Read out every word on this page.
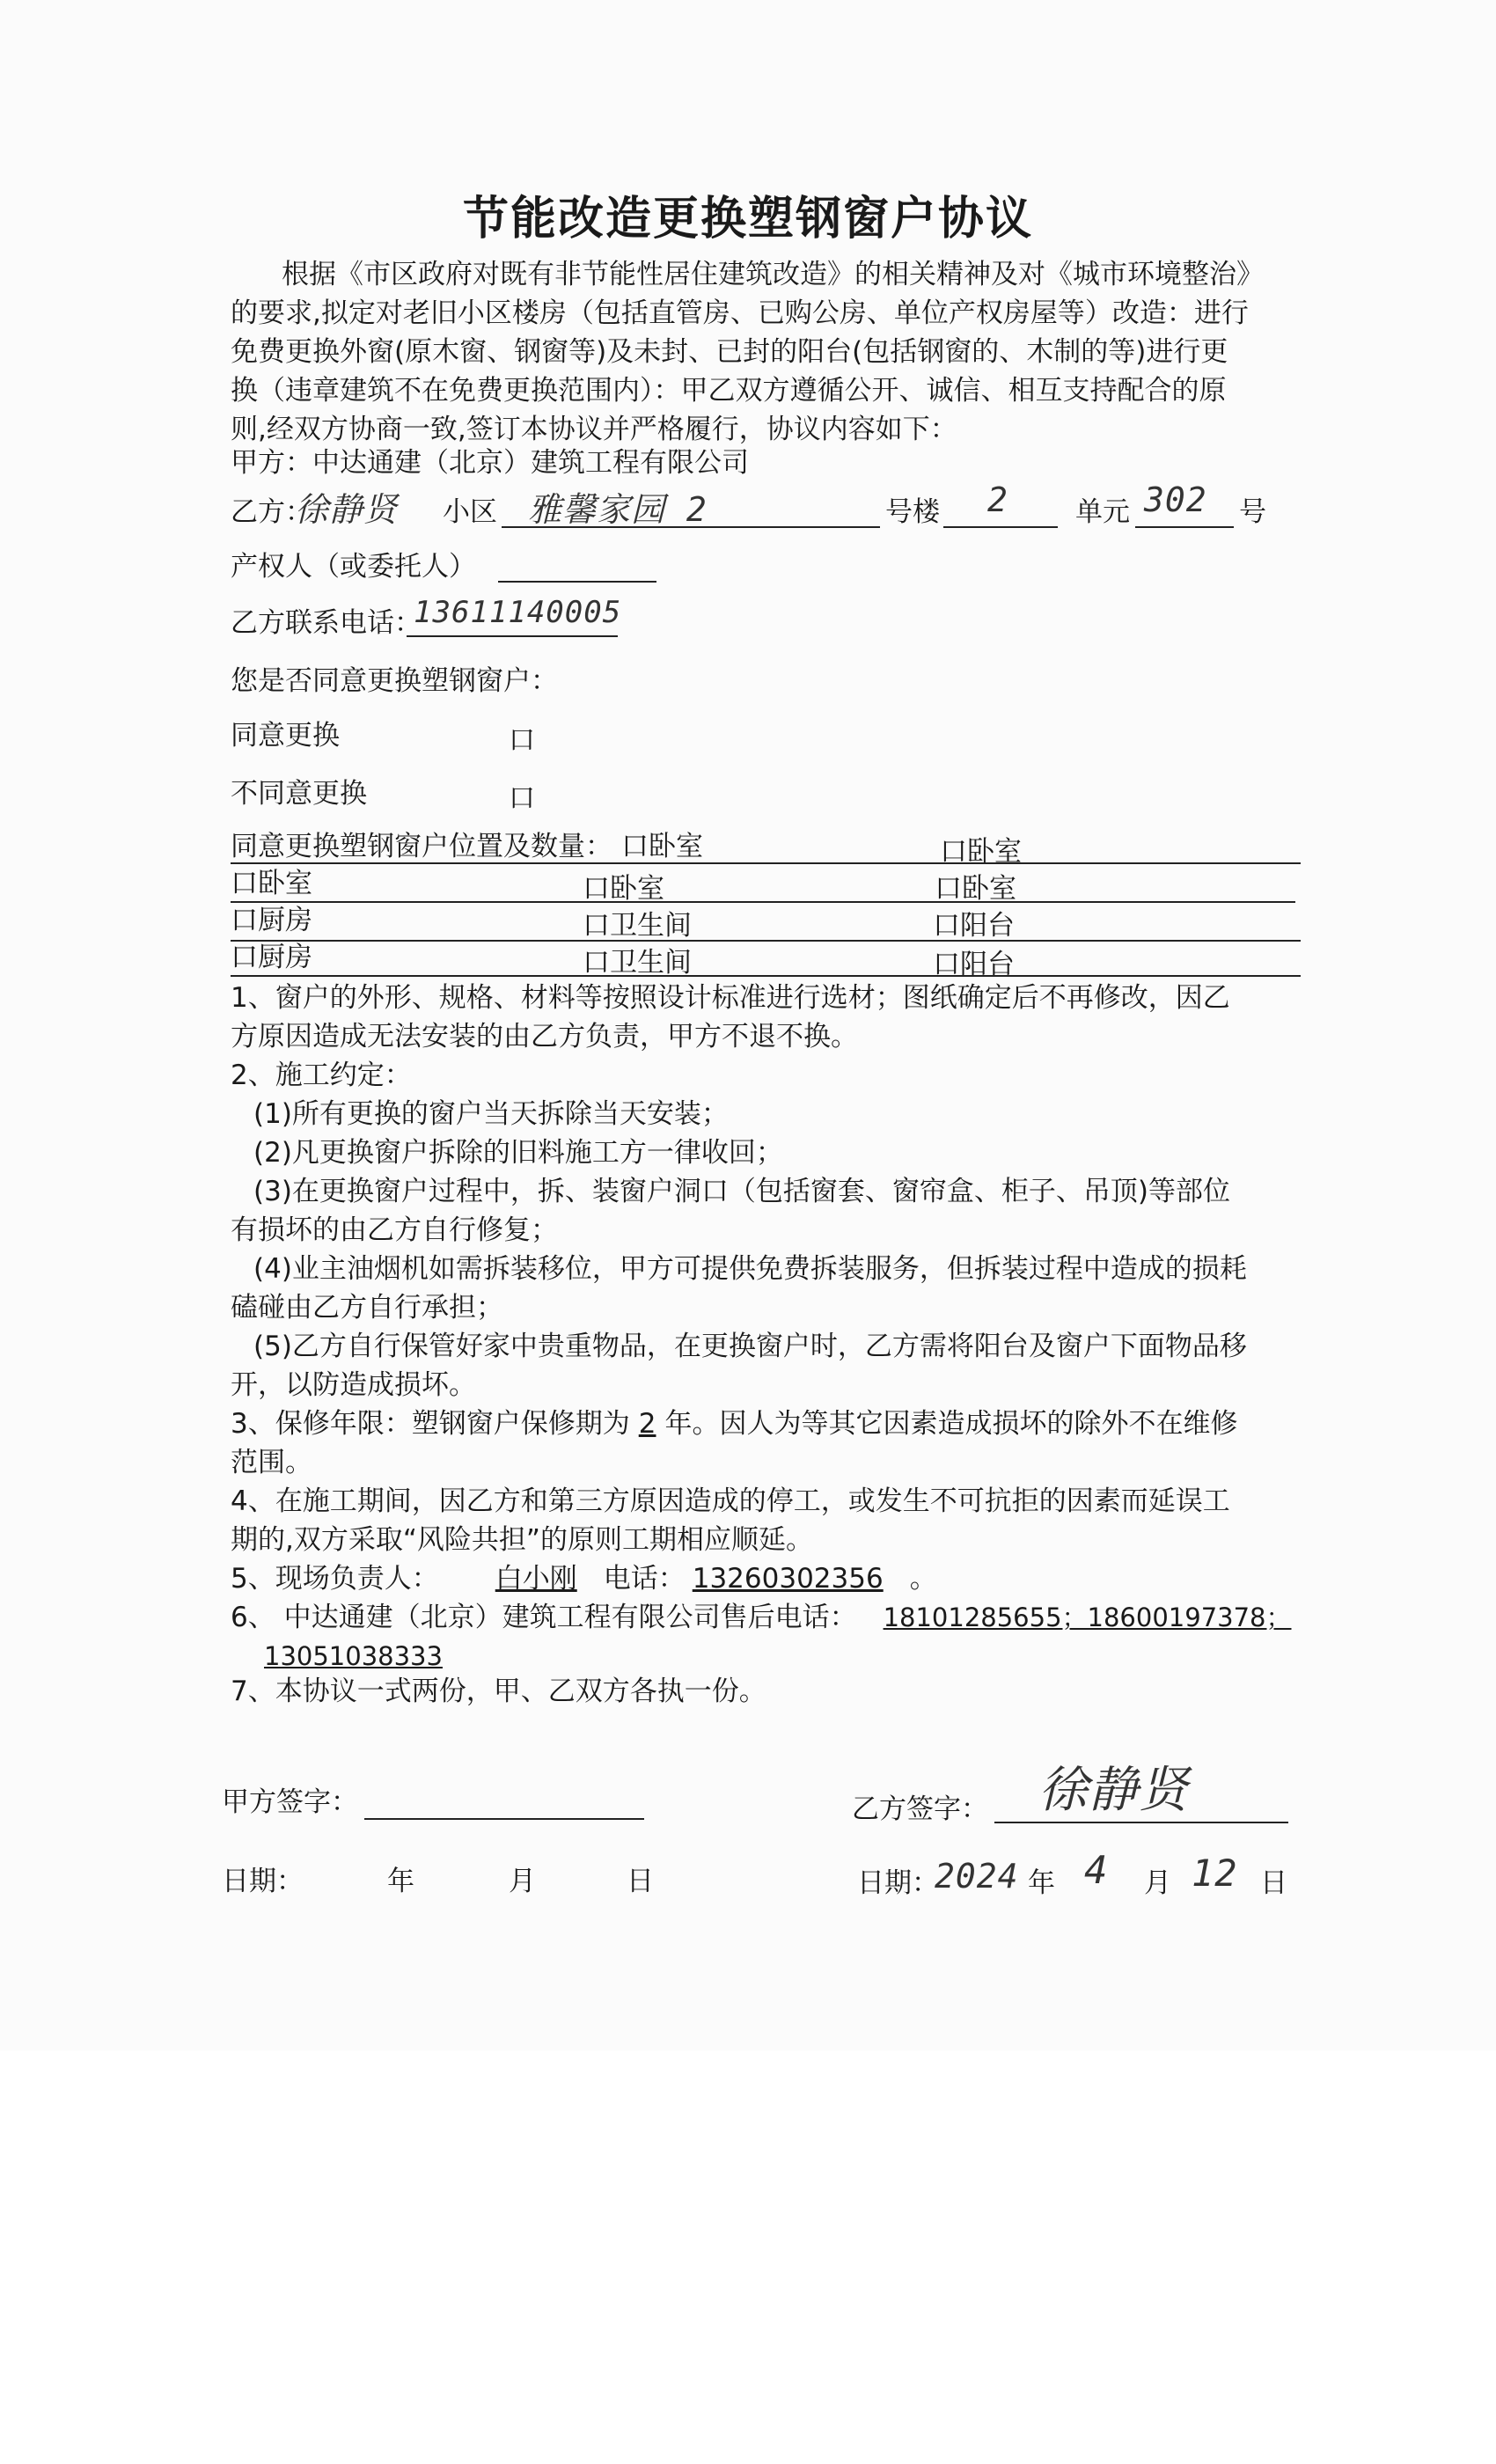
节能改造更换塑钢窗户协议
根据《市区政府对既有非节能性居住建筑改造》的相关精神及对《城市环境整治》
的要求,拟定对老旧小区楼房（包括直管房、已购公房、单位产权房屋等）改造：进行
免费更换外窗(原木窗、钢窗等)及未封、已封的阳台(包括钢窗的、木制的等)进行更
换（违章建筑不在免费更换范围内）：甲乙双方遵循公开、诚信、相互支持配合的原
则,经双方协商一致,签订本协议并严格履行，协议内容如下：
甲方：中达通建（北京）建筑工程有限公司
乙方：
徐静贤 小区 雅馨家园 2	号楼 2 单元 302 号
产权人（或委托人）
乙方联系电话：
13611140005
您是否同意更换塑钢窗户：
同意更换	口
不同意更换	口
同意更换塑钢窗户位置及数量： 口卧室	口卧室
口卧室	口卧室	口卧室
口厨房	口卫生间	口阳台
口厨房	口卫生间	口阳台
1、窗户的外形、规格、材料等按照设计标准进行选材；图纸确定后不再修改，因乙
方原因造成无法安装的由乙方负责，甲方不退不换。
2、施工约定：
(1)所有更换的窗户当天拆除当天安装；
(2)凡更换窗户拆除的旧料施工方一律收回；
(3)在更换窗户过程中，拆、装窗户洞口（包括窗套、窗帘盒、柜子、吊顶)等部位
有损坏的由乙方自行修复；
(4)业主油烟机如需拆装移位，甲方可提供免费拆装服务，但拆装过程中造成的损耗
磕碰由乙方自行承担；
(5)乙方自行保管好家中贵重物品，在更换窗户时，乙方需将阳台及窗户下面物品移
开，以防造成损坏。
3、保修年限：塑钢窗户保修期为 2 年。因人为等其它因素造成损坏的除外不在维修
范围。
4、在施工期间，因乙方和第三方原因造成的停工，或发生不可抗拒的因素而延误工
期的,双方采取“风险共担”的原则工期相应顺延。
5、现场负责人： 白小刚 电话： 13260302356 。
6、 中达通建（北京）建筑工程有限公司售后电话： 18101285655；18600197378；
13051038333
7、本协议一式两份，甲、乙双方各执一份。
甲方签字：	乙方签字： 徐静贤
日期：	年	月	日	日期：
2024 年 4 月 12 日
